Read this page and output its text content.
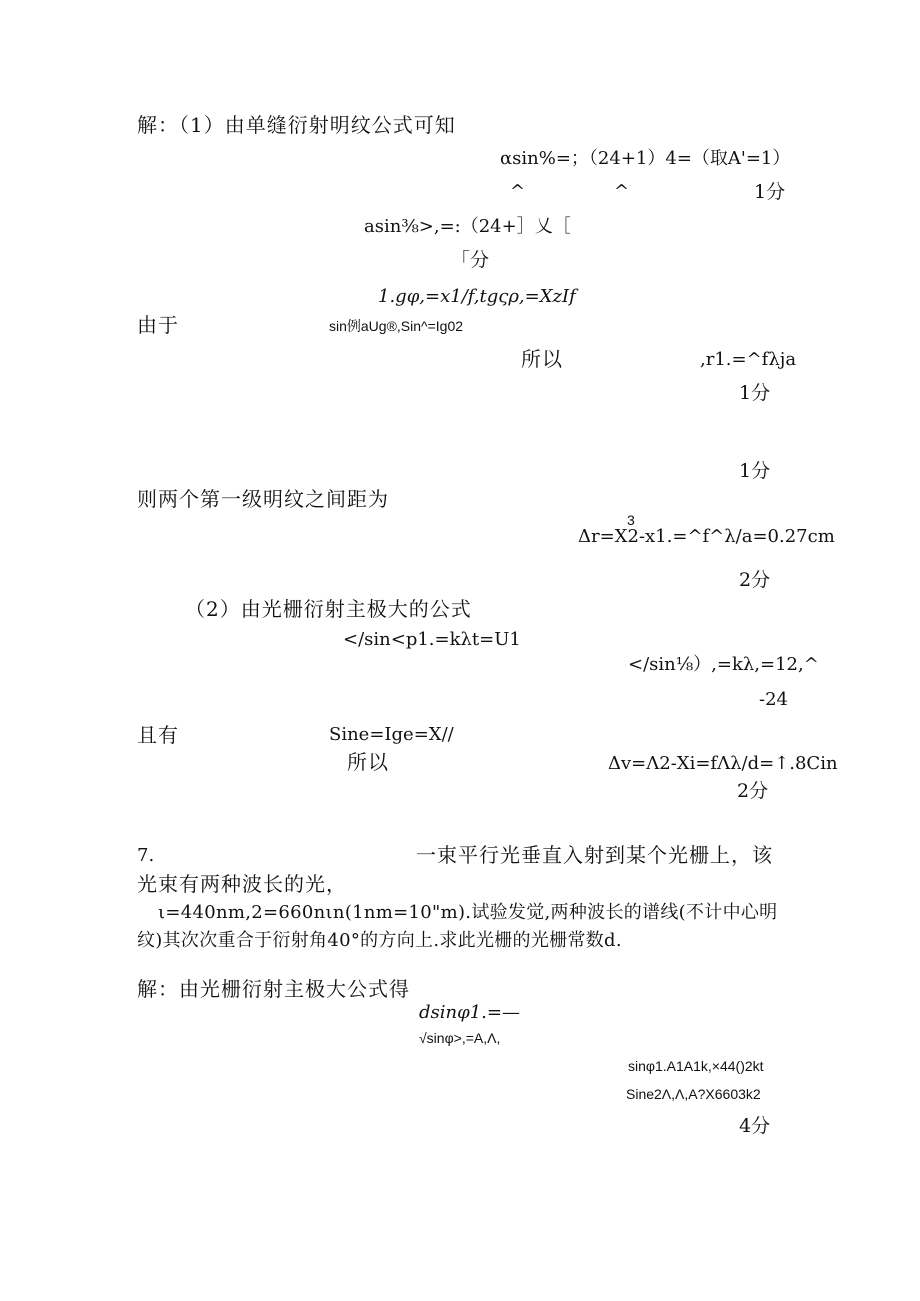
解：（1）由单缝衍射明纹公式可知
αsin%=；（24+1）4=（取A'=1）
^	^	1分
asin⅜>,=:（24+］乂［
「分
1.gφ,=x1/f,tgςρ,=XzIf
由于	sin例aUg®,Sin^=Ig02
所以	,r1.=^fλja
1分
1分
则两个第一级明纹之间距为
3
Δr=X2-x1.=^f^λ/a=0.27cm
2分
（2）由光栅衍射主极大的公式
</sin<p1.=kλt=U1
</sin⅛）,=kλ,=12,^
-24
且有	Sine=Ige=X//
所以	Δv=Λ2-Xi=fΛλ/d=↑.8Cin
2分
7.	一束平行光垂直入射到某个光栅上，该
光束有两种波长的光，
ι=440nm,2=660nιn(1nm=10"m).试验发觉,两种波长的谱线(不计中心明
纹)其次次重合于衍射角40°的方向上.求此光栅的光栅常数d.
解：由光栅衍射主极大公式得
dsinφ1.=—
√sinφ>,=A,Λ,
sinφ1.A1A1k,×44()2kt
Sine2Λ,Λ,A?X6603k2
4分
